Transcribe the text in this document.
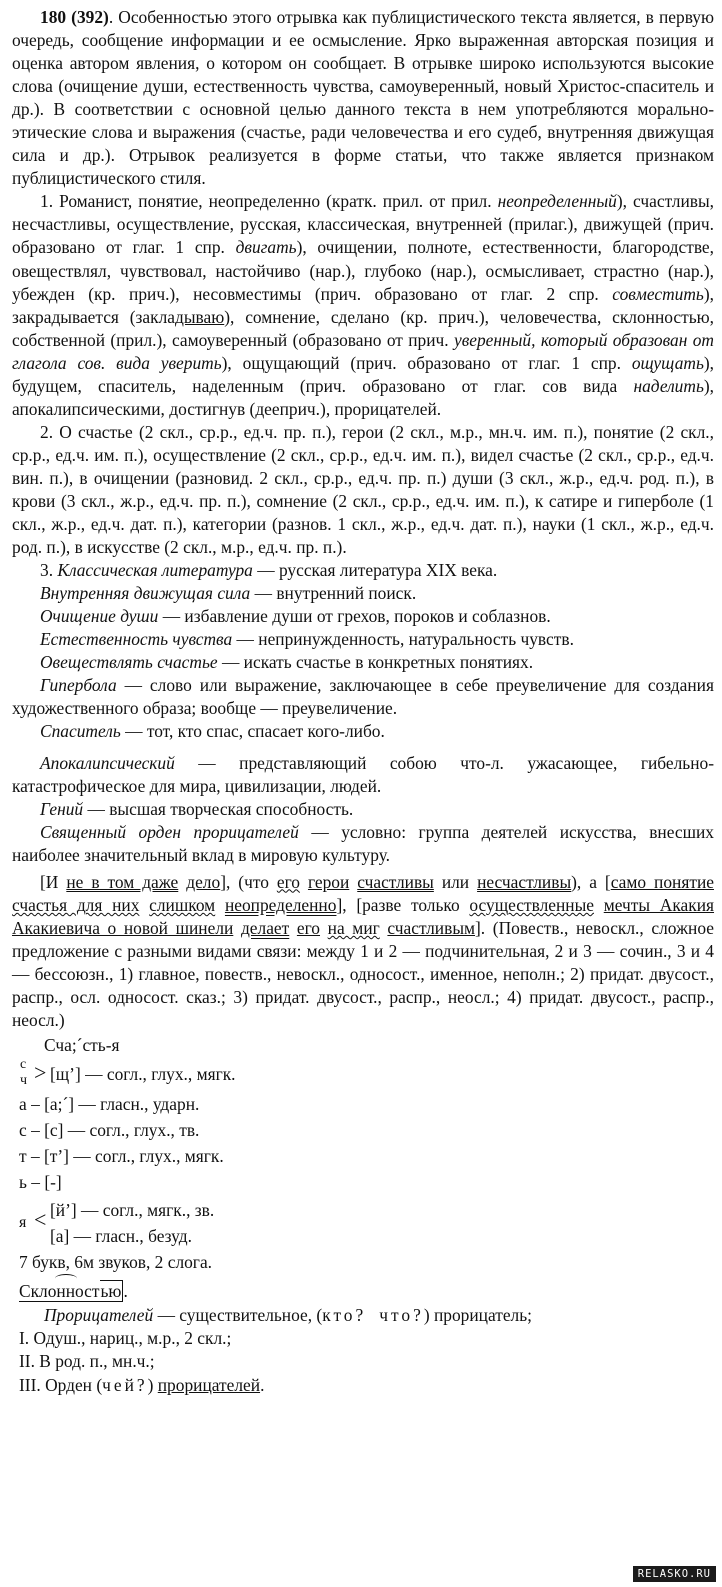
180 (392). Особенностью этого отрывка как публицистического текста является, в первую очередь, сообщение информации и ее осмысление. Ярко выраженная авторская позиция и оценка автором явления, о котором он сообщает. В отрывке широко используются высокие слова (очищение души, естественность чувства, самоуверенный, новый Христос-спаситель и др.). В соответствии с основной целью данного текста в нем употребляются морально-этические слова и выражения (счастье, ради человечества и его судеб, внутренняя движущая сила и др.). Отрывок реализуется в форме статьи, что также является признаком публицистического стиля.

1. Романист, понятие, неопределенно (кратк. прил. от прил. неопределенный), счастливы, несчастливы, осуществление, русская, классическая, внутренней (прилаг.), движущей (прич. образовано от глаг. 1 спр. двигать), очищении, полноте, естественности, благородстве, овеществлял, чувствовал, настойчиво (нар.), глубоко (нар.), осмысливает, страстно (нар.), убежден (кр. прич.), несовместимы (прич. образовано от глаг. 2 спр. совместить), закрадывается (закладываю), сомнение, сделано (кр. прич.), человечества, склонностью, собственной (прил.), самоуверенный (образовано от прич. уверенный, который образован от глагола сов. вида уверить), ощущающий (прич. образовано от глаг. 1 спр. ощущать), будущем, спаситель, наделенным (прич. образовано от глаг. сов вида наделить), апокалипсическими, достигнув (дееприч.), прорицателей.

2. О счастье (2 скл., ср.р., ед.ч. пр. п.), герои (2 скл., м.р., мн.ч. им. п.), понятие (2 скл., ср.р., ед.ч. им. п.), осуществление (2 скл., ср.р., ед.ч. им. п.), видел счастье (2 скл., ср.р., ед.ч. вин. п.), в очищении (разновид. 2 скл., ср.р., ед.ч. пр. п.) души (3 скл., ж.р., ед.ч. род. п.), в крови (3 скл., ж.р., ед.ч. пр. п.), сомнение (2 скл., ср.р., ед.ч. им. п.), к сатире и гиперболе (1 скл., ж.р., ед.ч. дат. п.), категории (разнов. 1 скл., ж.р., ед.ч. дат. п.), науки (1 скл., ж.р., ед.ч. род. п.), в искусстве (2 скл., м.р., ед.ч. пр. п.).

3. Классическая литература — русская литература XIX века.

Внутренняя движущая сила — внутренний поиск.

Очищение души — избавление души от грехов, пороков и соблазнов.

Естественность чувства — непринужденность, натуральность чувств.

Овеществлять счастье — искать счастье в конкретных понятиях.

Гипербола — слово или выражение, заключающее в себе преувеличение для создания художественного образа; вообще — преувеличение.

Спаситель — тот, кто спас, спасает кого-либо.

Апокалипсический — представляющий собою что-л. ужасающее, гибельно-катастрофическое для мира, цивилизации, людей.

Гений — высшая творческая способность.

Священный орден прорицателей — условно: группа деятелей искусства, внесших наиболее значительный вклад в мировую культуру.

[И не в том даже дело], (что его герои счастливы или несчастливы), а [само понятие счастья для них слишком неопределенно], [разве только осуществленные мечты Акакия Акакиевича о новой шинели делает его на миг счастливым]. (Повеств., невоскл., сложное предложение с разными видами связи: между 1 и 2 — подчинительная, 2 и 3 — сочин., 3 и 4 — бессоюзн., 1) главное, повеств., невоскл., односост., именное, неполн.; 2) придат. двусост., распр., осл. односост. сказ.; 3) придат. двусост., распр., неосл.; 4) придат. двусост., распр., неосл.)

Сча;´сть-я

с
ч > [щ’] — согл., глух., мягк.

а – [а;´] — гласн., ударн.

с – [с] — согл., глух., тв.

т – [т’] — согл., глух., мягк.

ь – [-]

[й’] — согл., мягк., зв.
я <
[а] — гласн., безуд.

7 букв, 6м звуков, 2 слога.

Склонностью .

Прорицателей — существительное, (кто? что?) прорицатель;

I. Одуш., нариц., м.р., 2 скл.;

II. В род. п., мн.ч.;

III. Орден (чей?) прорицателей.

RELASKO.RU
